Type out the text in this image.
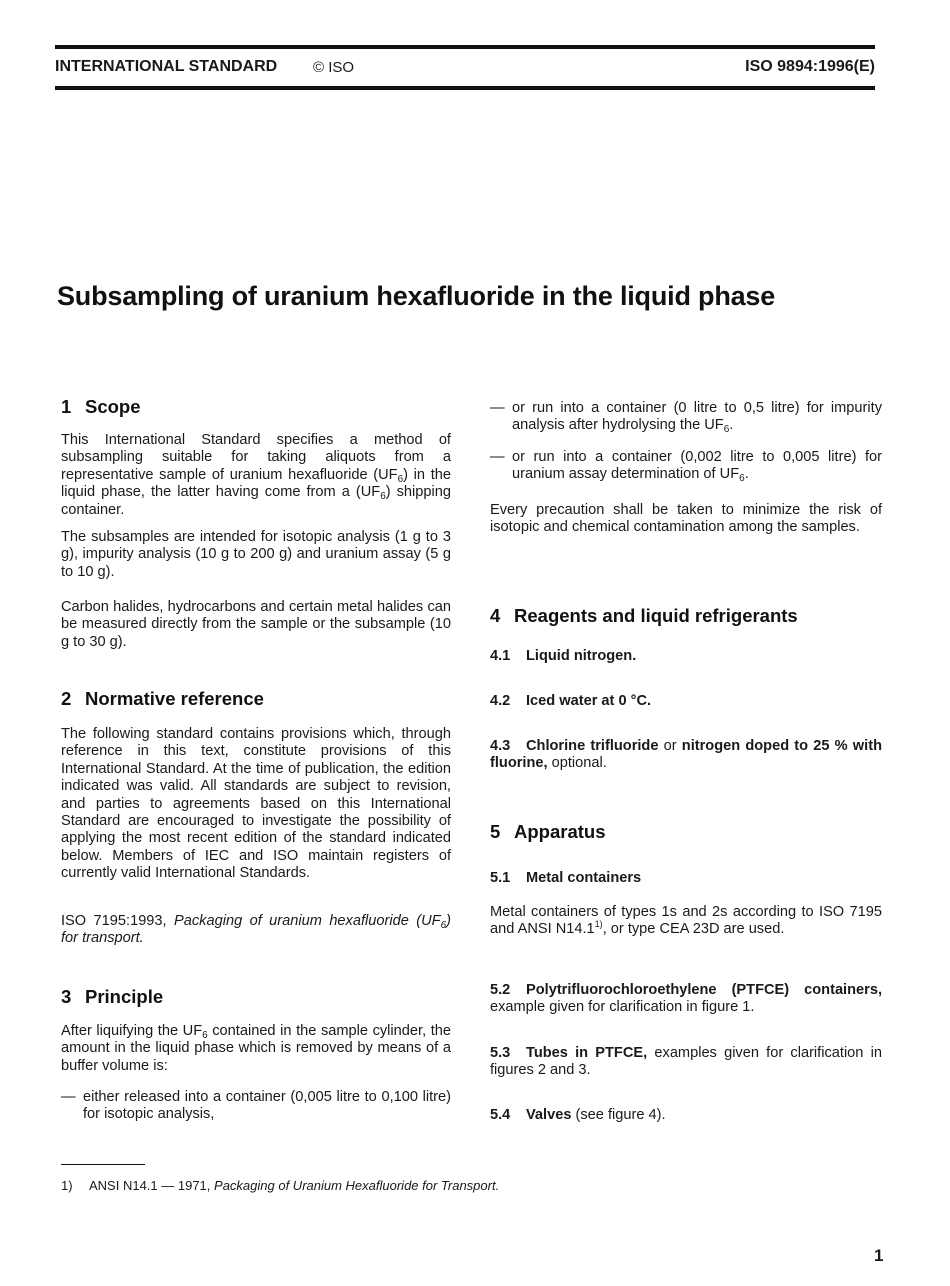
INTERNATIONAL STANDARD © ISO	ISO 9894:1996(E)
Subsampling of uranium hexafluoride in the liquid phase
1 Scope

This International Standard specifies a method of subsampling suitable for taking aliquots from a representative sample of uranium hexafluoride $(UF_6)$ in the liquid phase, the latter having come from a $(UF_6)$ shipping container.

The subsamples are intended for isotopic analysis (1 g to 3 g), impurity analysis (10 g to 200 g) and uranium assay (5 g to 10 g).

Carbon halides, hydrocarbons and certain metal halides can be measured directly from the sample or the subsample (10 g to 30 g).

2 Normative reference

The following standard contains provisions which, through reference in this text, constitute provisions of this International Standard. At the time of publication, the edition indicated was valid. All standards are subject to revision, and parties to agreements based on this International Standard are encouraged to investigate the possibility of applying the most recent edition of the standard indicated below. Members of IEC and ISO maintain registers of currently valid International Standards.

ISO 7195:1993, Packaging of uranium hexafluoride $(UF_6)$ for transport.

3 Principle

After liquifying the $UF_6$ contained in the sample cylinder, the amount in the liquid phase which is removed by means of a buffer volume is:

— either released into a container (0,005 litre to 0,100 litre) for isotopic analysis,

— or run into a container (0 litre to 0,5 litre) for impurity analysis after hydrolysing the $UF_6$.

— or run into a container (0,002 litre to 0,005 litre) for uranium assay determination of $UF_6$.

Every precaution shall be taken to minimize the risk of isotopic and chemical contamination among the samples.

4 Reagents and liquid refrigerants
4.1 Liquid nitrogen.
4.2 Iced water at 0 °C.

4.3 Chlorine trifluoride or nitrogen doped to 25 % with fluorine, optional.

5 Apparatus
5.1 Metal containers

Metal containers of types 1s and 2s according to ISO 7195 and ANSI N14.1$^{1)}$, or type CEA 23D are used.

5.2 Polytrifluorochloroethylene (PTFCE) containers, example given for clarification in figure 1.

5.3 Tubes in PTFCE, examples given for clarification in figures 2 and 3.

5.4 Valves (see figure 4).

1) ANSI N14.1 — 1971, Packaging of Uranium Hexafluoride for Transport.
1
